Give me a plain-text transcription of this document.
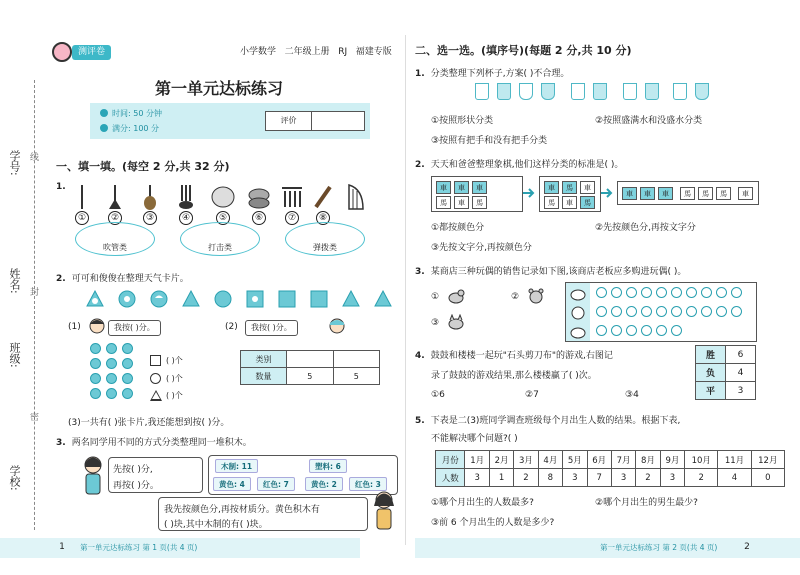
学号:
姓名:
班级:
学校:
线
封
密
测评卷	小学数学 二年级上册 RJ 福建专版
第一单元达标练习
时间: 50 分钟
满分: 100 分
评价
一、填一填。(每空 2 分,共 32 分)
1.
①	②	③	④	⑤	⑥	⑦	⑧
吹管类	打击类	弹拨类
2. 可可和俊俊在整理天气卡片。
(1)	我按( )分。	(2)	我按( )分。
( )个
( )个
( )个
类别		
数量	5	5
(3)一共有( )张卡片,我还能想到按( )分。
3. 两名同学用不同的方式分类整理同一堆积木。
先按( )分,
再按( )分。
木制: 11	塑料: 6
黄色: 4	红色: 7	黄色: 2	红色: 3
我先按颜色分,再按材质分。黄色积木有
( )块,其中木制的有( )块。
1	第一单元达标练习 第 1 页(共 4 页)
二、选一选。(填序号)(每题 2 分,共 10 分)
1. 分类整理下列杯子,方案( )不合理。
①按照形状分类	②按照盛满水和没盛水分类
③按照有把手和没有把手分类
2. 天天和爸爸整理象棋,他们这样分类的标准是( )。
車	車	車
馬	車	馬
車	馬	車
馬	車	馬
車	車	車	馬	馬	馬	車
①都按颜色分	②先按颜色分,再按文字分
③先按文字分,再按颜色分
3. 某商店三种玩偶的销售记录如下图,该商店老板应多购进玩偶( )。
①	②
③
4. 鼓鼓和楼楼一起玩"石头剪刀布"的游戏,右图记
录了鼓鼓的游戏结果,那么楼楼赢了( )次。
①6	②7	③4
胜	6
负	4
平	3
5. 下表是二(3)班同学调查班级每个月出生人数的结果。根据下表,
不能解决哪个问题?( )
月份	1月	2月	3月	4月	5月	6月	7月	8月	9月	10月	11月	12月
人数	3	1	2	8	3	7	3	2	3	2	4	0
①哪个月出生的人数最多?	②哪个月出生的男生最少?
③前 6 个月出生的人数是多少?
第一单元达标练习 第 2 页(共 4 页)	2
